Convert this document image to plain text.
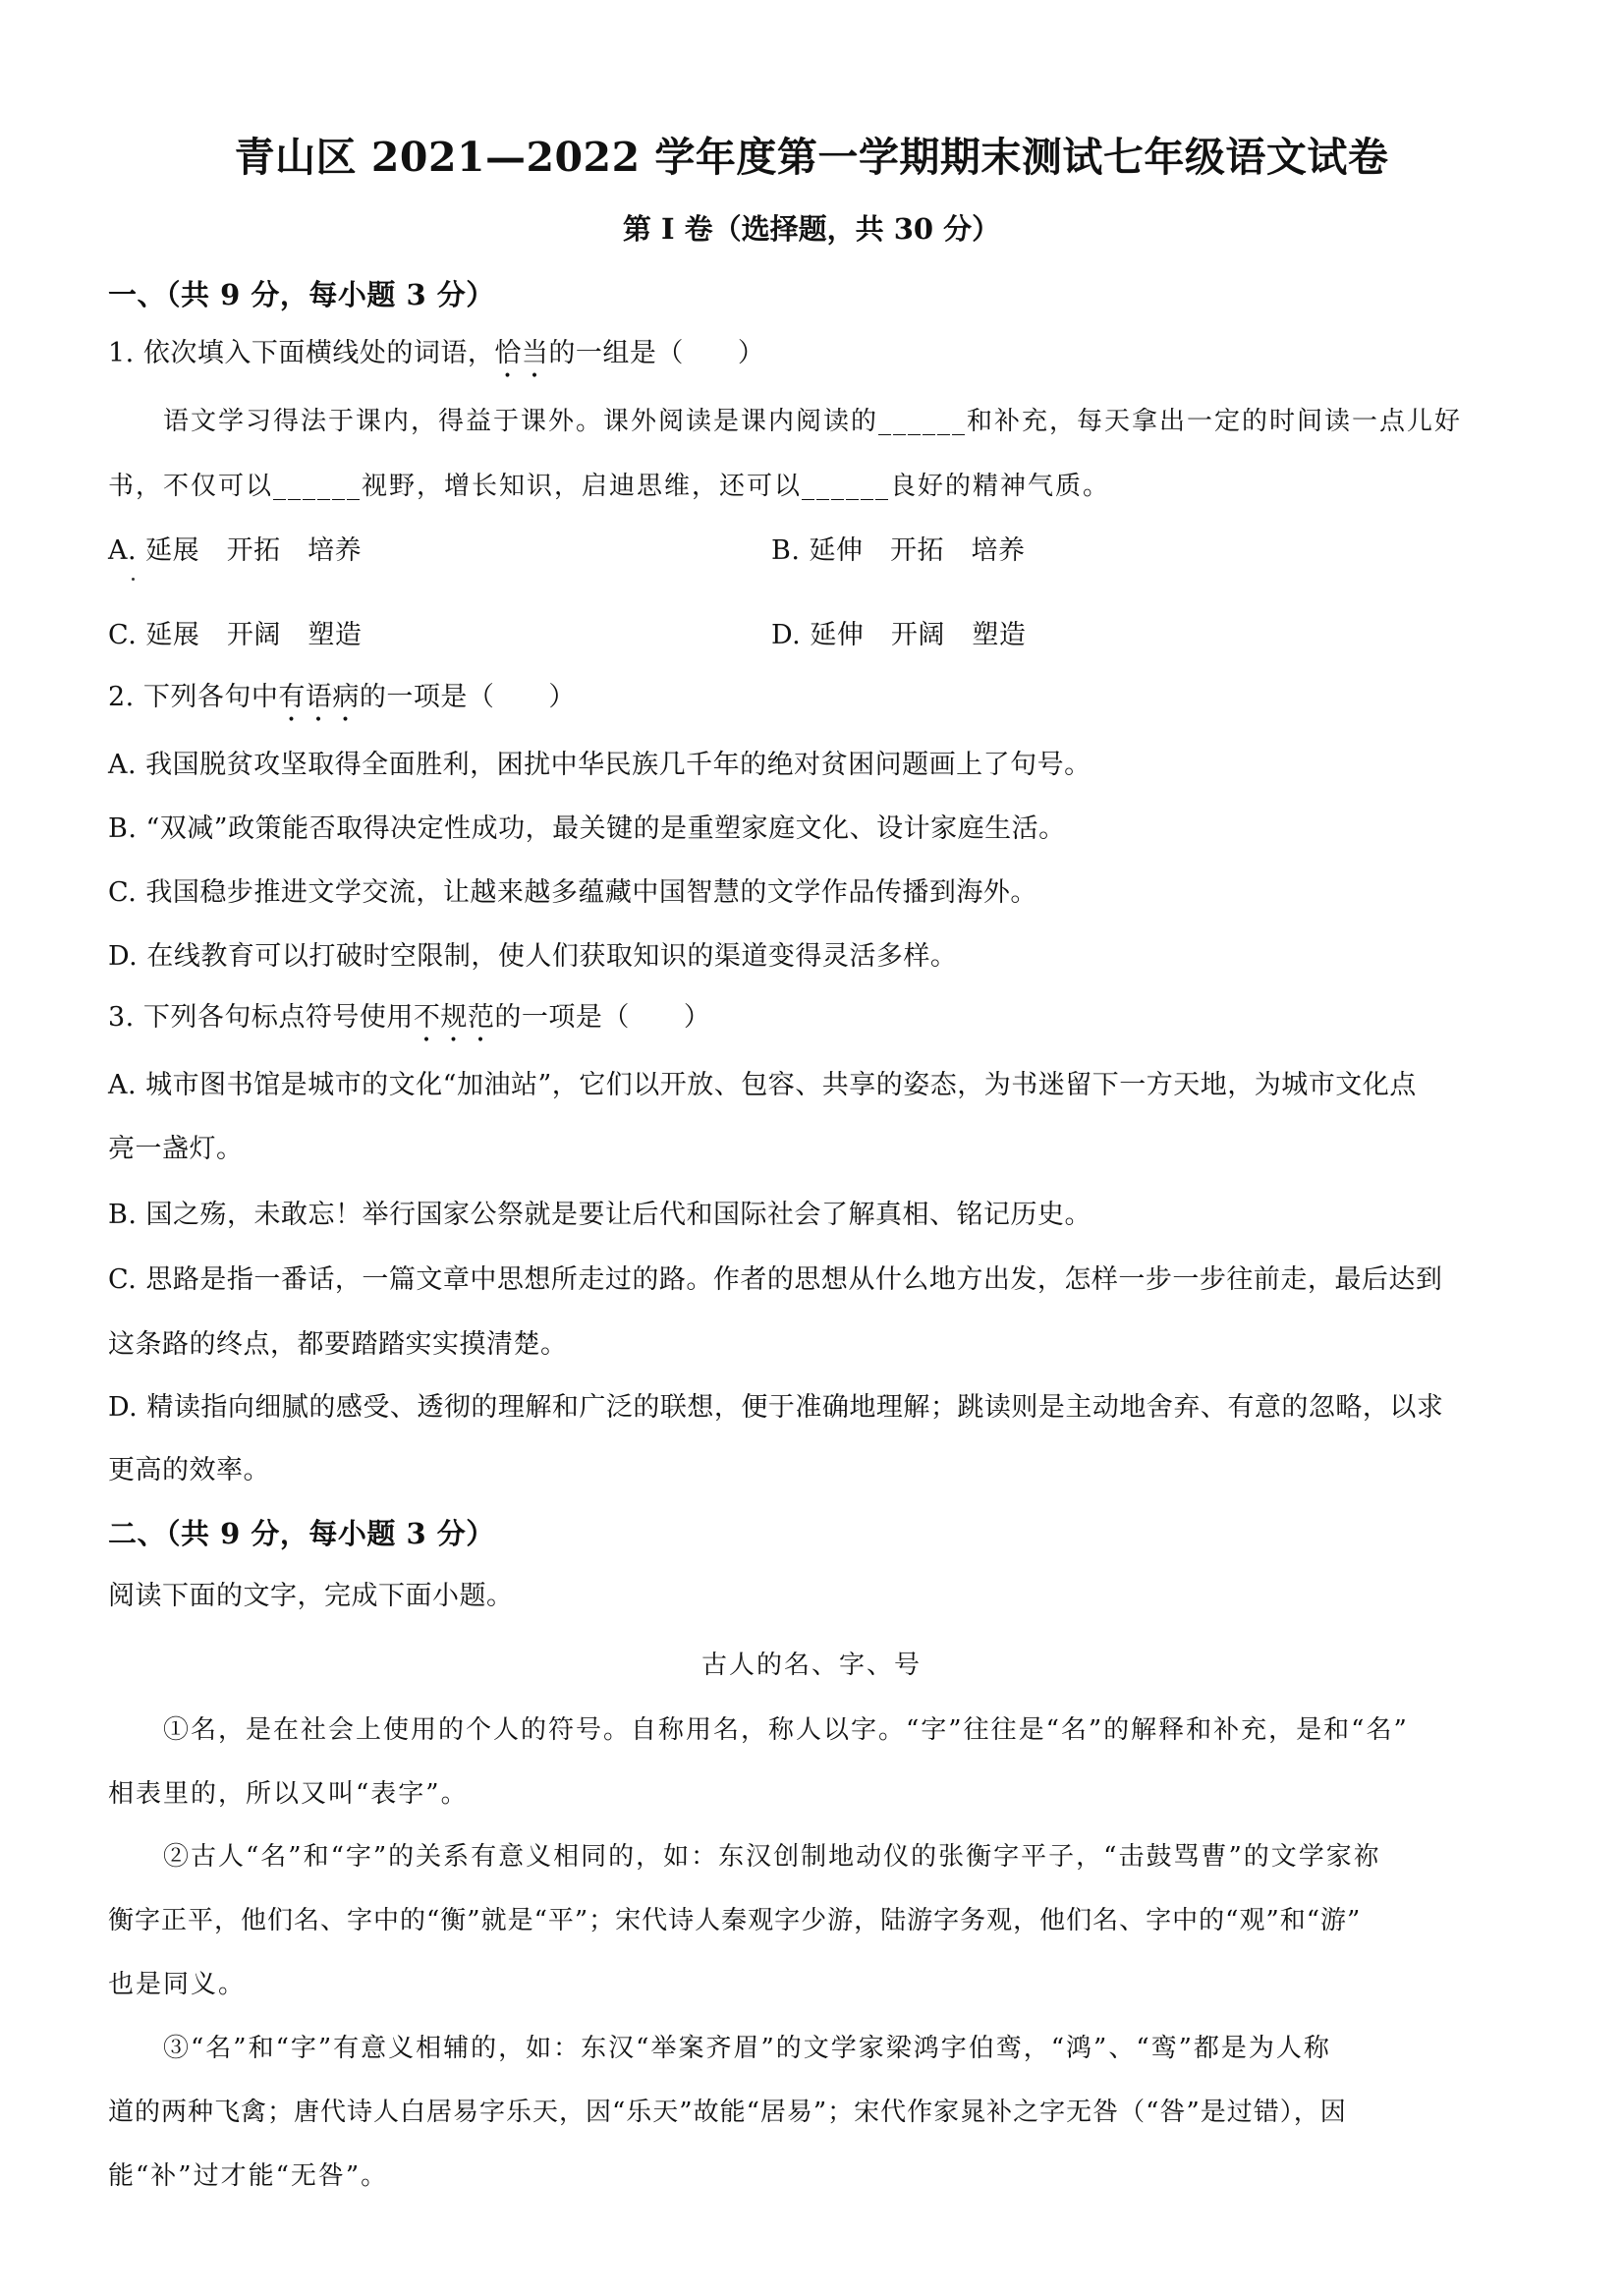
青山区 2021—2022 学年度第一学期期末测试七年级语文试卷
第 I 卷（选择题，共 30 分）
一、（共 9 分，每小题 3 分）
1. 依次填入下面横线处的词语，恰当的一组是（　　）
　　语文学习得法于课内，得益于课外。课外阅读是课内阅读的______和补充，每天拿出一定的时间读一点儿好
书，不仅可以______视野，增长知识，启迪思维，还可以______良好的精神气质。
A. 延展　开拓　培养	B. 延伸　开拓　培养
C. 延展　开阔　塑造	D. 延伸　开阔　塑造
2. 下列各句中有语病的一项是（　　）
A. 我国脱贫攻坚取得全面胜利，困扰中华民族几千年的绝对贫困问题画上了句号。
B. “双减”政策能否取得决定性成功，最关键的是重塑家庭文化、设计家庭生活。
C. 我国稳步推进文学交流，让越来越多蕴藏中国智慧的文学作品传播到海外。
D. 在线教育可以打破时空限制，使人们获取知识的渠道变得灵活多样。
3. 下列各句标点符号使用不规范的一项是（　　）
A. 城市图书馆是城市的文化“加油站”，它们以开放、包容、共享的姿态，为书迷留下一方天地，为城市文化点
亮一盏灯。
B. 国之殇，未敢忘！举行国家公祭就是要让后代和国际社会了解真相、铭记历史。
C. 思路是指一番话，一篇文章中思想所走过的路。作者的思想从什么地方出发，怎样一步一步往前走，最后达到
这条路的终点，都要踏踏实实摸清楚。
D. 精读指向细腻的感受、透彻的理解和广泛的联想，便于准确地理解；跳读则是主动地舍弃、有意的忽略，以求
更高的效率。
二、（共 9 分，每小题 3 分）
阅读下面的文字，完成下面小题。
古人的名、字、号
　　①名，是在社会上使用的个人的符号。自称用名，称人以字。“字”往往是“名”的解释和补充，是和“名”
相表里的，所以又叫“表字”。
　　②古人“名”和“字”的关系有意义相同的，如：东汉创制地动仪的张衡字平子，“击鼓骂曹”的文学家祢
衡字正平，他们名、字中的“衡”就是“平”；宋代诗人秦观字少游，陆游字务观，他们名、字中的“观”和“游”
也是同义。
　　③“名”和“字”有意义相辅的，如：东汉“举案齐眉”的文学家梁鸿字伯鸾，“鸿”、“鸾”都是为人称
道的两种飞禽；唐代诗人白居易字乐天，因“乐天”故能“居易”；宋代作家晁补之字无咎（“咎”是过错），因
能“补”过才能“无咎”。
